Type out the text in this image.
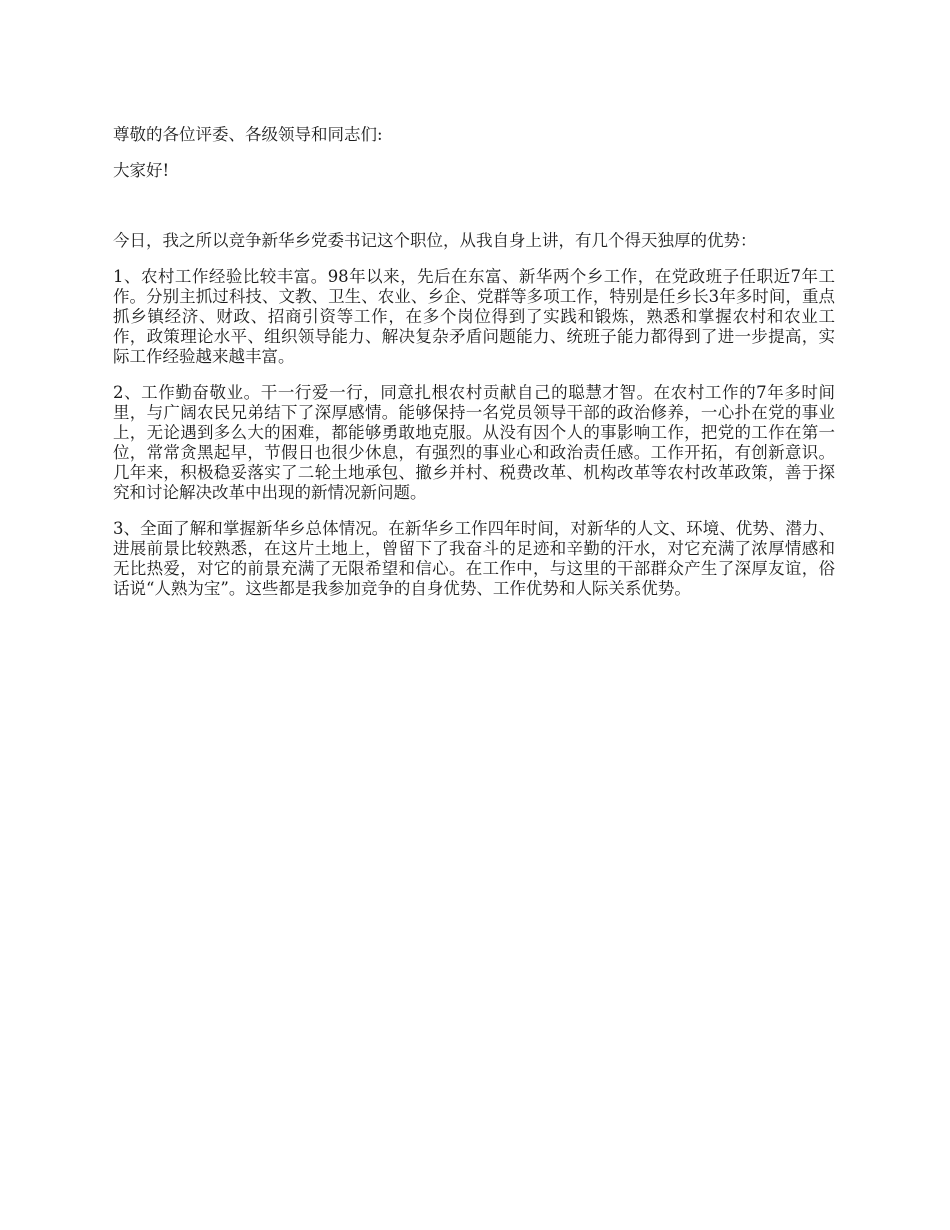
尊敬的各位评委、各级领导和同志们:

大家好!

今日，我之所以竞争新华乡党委书记这个职位，从我自身上讲，有几个得天独厚的优势：

1、农村工作经验比较丰富。98年以来，先后在东富、新华两个乡工作，在党政班子任职近7年工作。分别主抓过科技、文教、卫生、农业、乡企、党群等多项工作，特别是任乡长3年多时间，重点抓乡镇经济、财政、招商引资等工作，在多个岗位得到了实践和锻炼，熟悉和掌握农村和农业工作，政策理论水平、组织领导能力、解决复杂矛盾问题能力、统班子能力都得到了进一步提高，实际工作经验越来越丰富。

2、工作勤奋敬业。干一行爱一行，同意扎根农村贡献自己的聪慧才智。在农村工作的7年多时间里，与广阔农民兄弟结下了深厚感情。能够保持一名党员领导干部的政治修养，一心扑在党的事业上，无论遇到多么大的困难，都能够勇敢地克服。从没有因个人的事影响工作，把党的工作在第一位，常常贪黑起早，节假日也很少休息，有强烈的事业心和政治责任感。工作开拓，有创新意识。几年来，积极稳妥落实了二轮土地承包、撤乡并村、税费改革、机构改革等农村改革政策，善于探究和讨论解决改革中出现的新情况新问题。

3、全面了解和掌握新华乡总体情况。在新华乡工作四年时间，对新华的人文、环境、优势、潜力、进展前景比较熟悉，在这片土地上，曾留下了我奋斗的足迹和辛勤的汗水，对它充满了浓厚情感和无比热爱，对它的前景充满了无限希望和信心。在工作中，与这里的干部群众产生了深厚友谊，俗话说“人熟为宝”。这些都是我参加竞争的自身优势、工作优势和人际关系优势。
